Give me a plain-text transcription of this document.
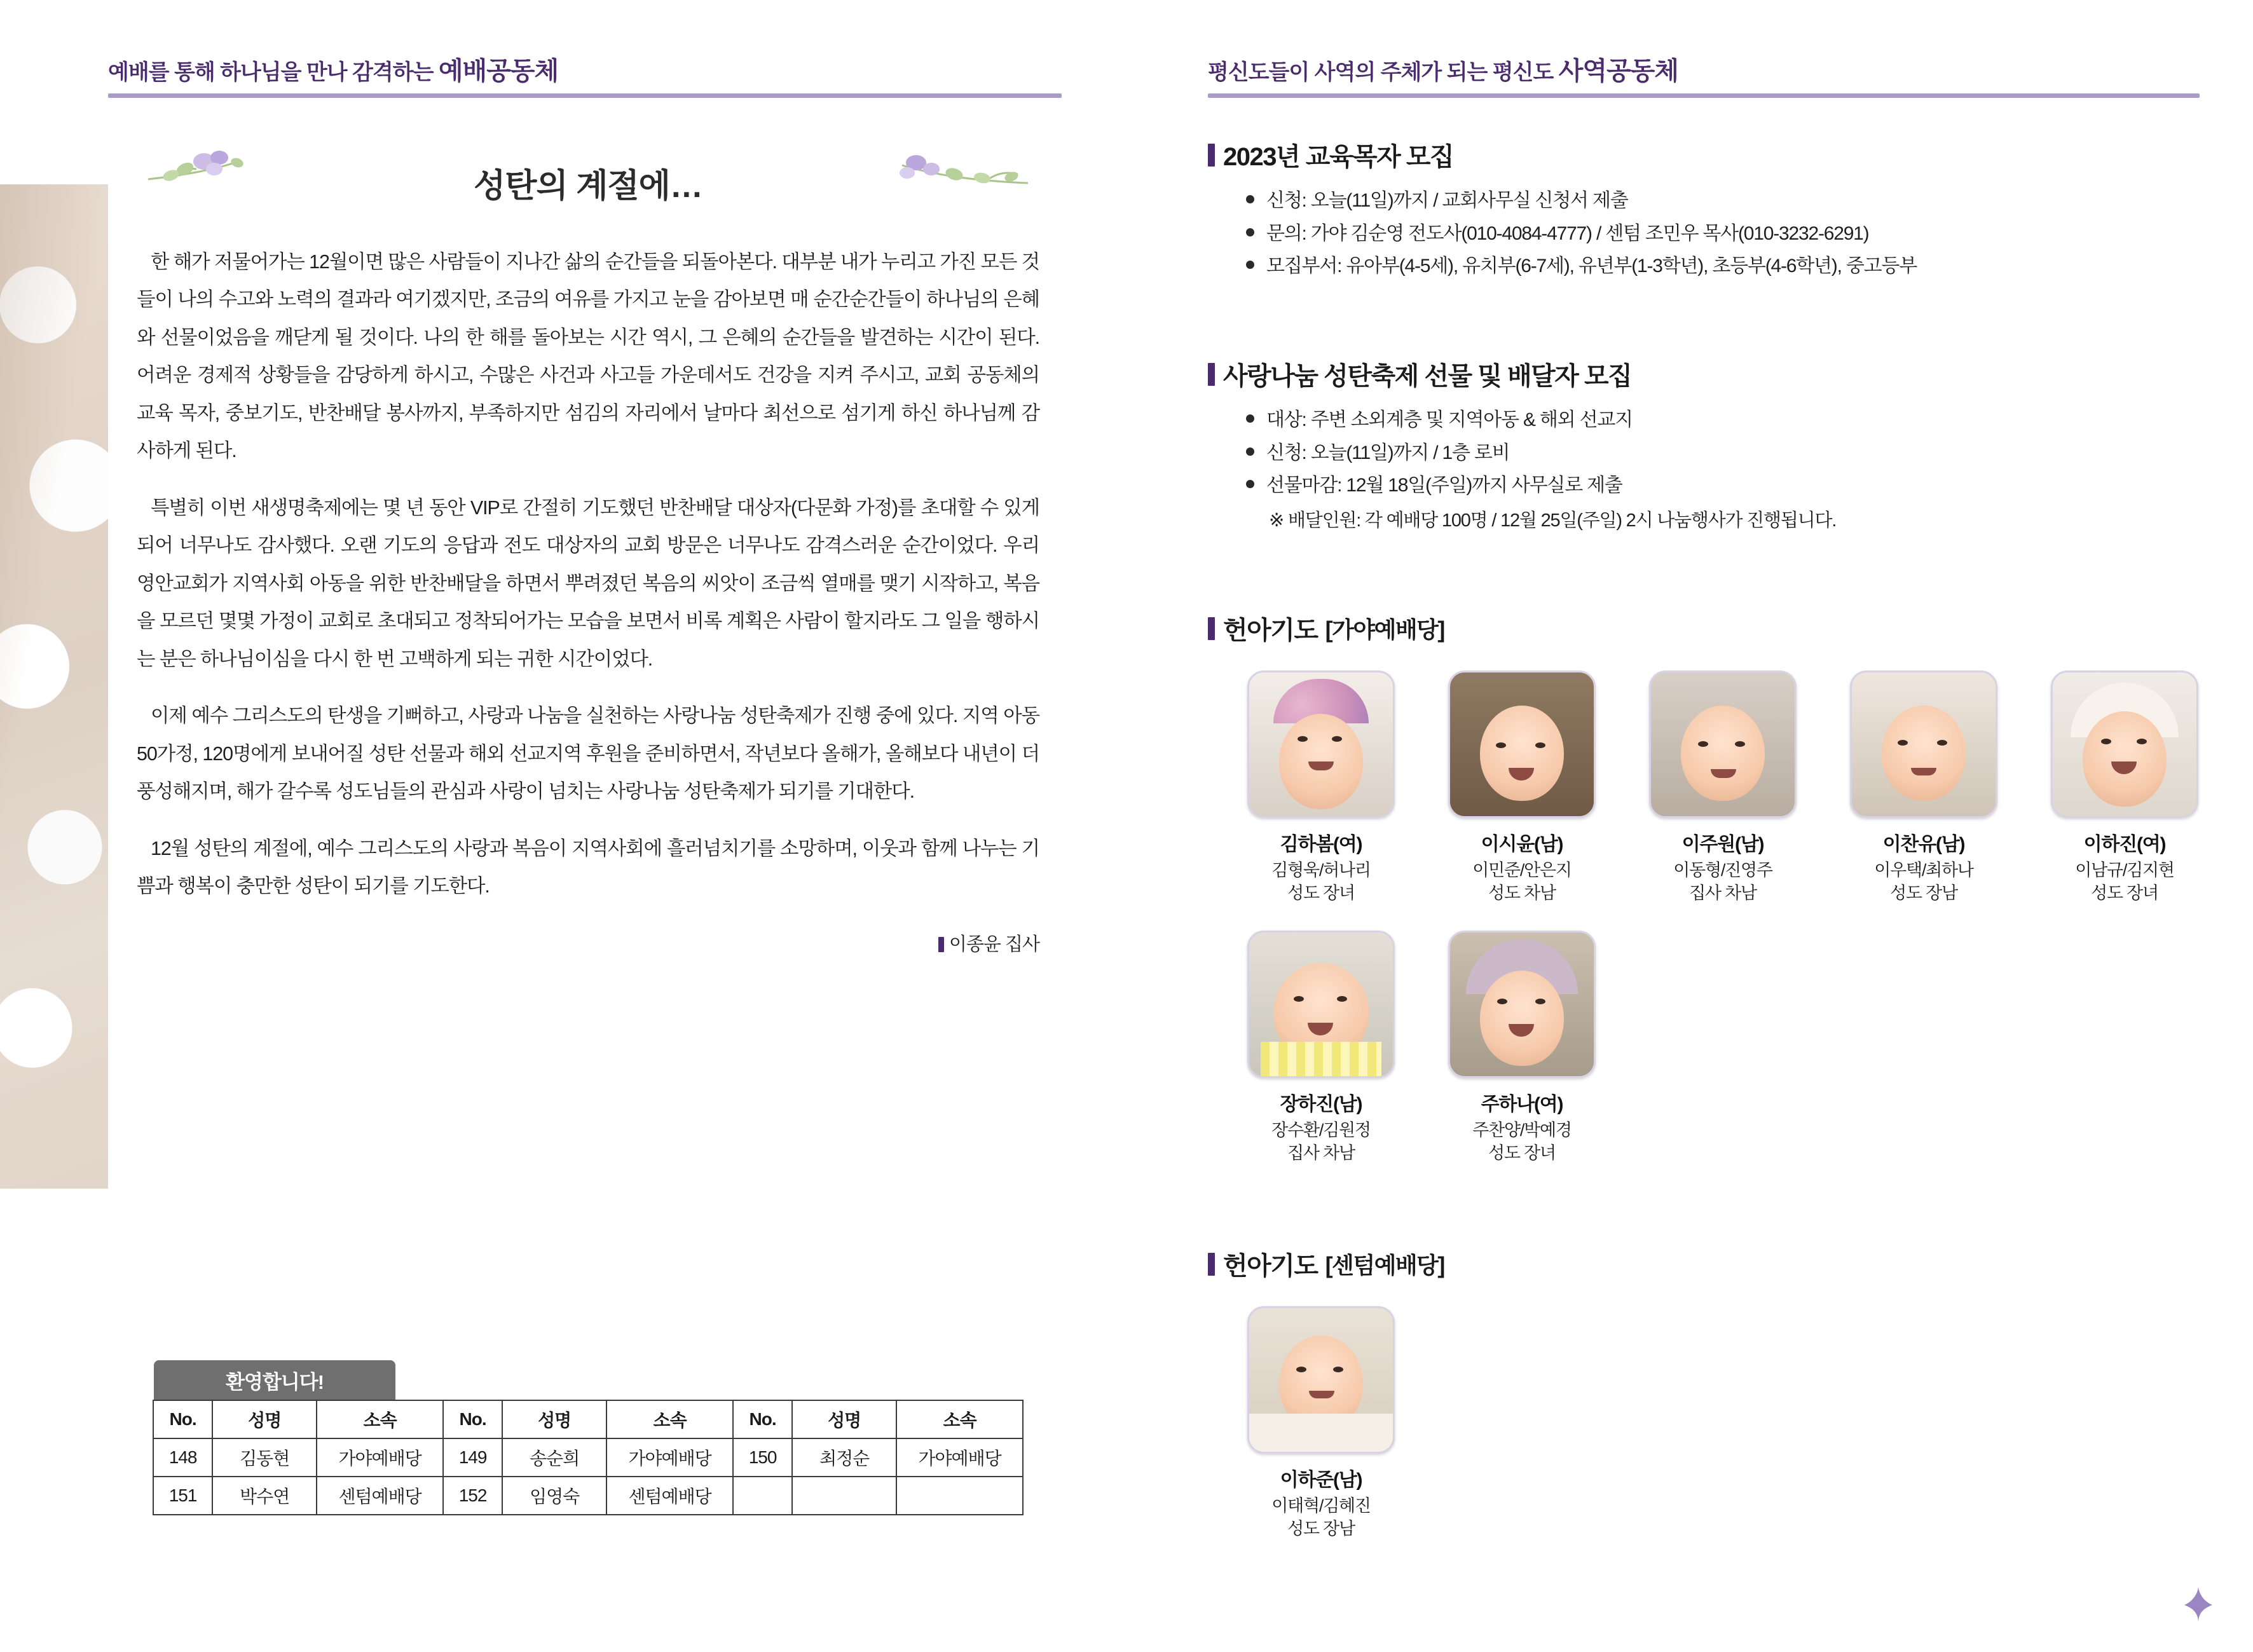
예배를 통해 하나님을 만나 감격하는 예배공동체
성탄의 계절에…
한 해가 저물어가는 12월이면 많은 사람들이 지나간 삶의 순간들을 되돌아본다. 대부분 내가 누리고 가진 모든 것들이 나의 수고와 노력의 결과라 여기겠지만, 조금의 여유를 가지고 눈을 감아보면 매 순간순간들이 하나님의 은혜와 선물이었음을 깨닫게 될 것이다. 나의 한 해를 돌아보는 시간 역시, 그 은혜의 순간들을 발견하는 시간이 된다. 어려운 경제적 상황들을 감당하게 하시고, 수많은 사건과 사고들 가운데서도 건강을 지켜 주시고, 교회 공동체의 교육 목자, 중보기도, 반찬배달 봉사까지, 부족하지만 섬김의 자리에서 날마다 최선으로 섬기게 하신 하나님께 감사하게 된다.
특별히 이번 새생명축제에는 몇 년 동안 VIP로 간절히 기도했던 반찬배달 대상자(다문화 가정)를 초대할 수 있게 되어 너무나도 감사했다. 오랜 기도의 응답과 전도 대상자의 교회 방문은 너무나도 감격스러운 순간이었다. 우리 영안교회가 지역사회 아동을 위한 반찬배달을 하면서 뿌려졌던 복음의 씨앗이 조금씩 열매를 맺기 시작하고, 복음을 모르던 몇몇 가정이 교회로 초대되고 정착되어가는 모습을 보면서 비록 계획은 사람이 할지라도 그 일을 행하시는 분은 하나님이심을 다시 한 번 고백하게 되는 귀한 시간이었다.
이제 예수 그리스도의 탄생을 기뻐하고, 사랑과 나눔을 실천하는 사랑나눔 성탄축제가 진행 중에 있다. 지역 아동 50가정, 120명에게 보내어질 성탄 선물과 해외 선교지역 후원을 준비하면서, 작년보다 올해가, 올해보다 내년이 더 풍성해지며, 해가 갈수록 성도님들의 관심과 사랑이 넘치는 사랑나눔 성탄축제가 되기를 기대한다.
12월 성탄의 계절에, 예수 그리스도의 사랑과 복음이 지역사회에 흘러넘치기를 소망하며, 이웃과 함께 나누는 기쁨과 행복이 충만한 성탄이 되기를 기도한다.
이종윤 집사
환영합니다!
No.	성명	소속	No.	성명	소속	No.	성명	소속
148	김동현	가야예배당	149	송순희	가야예배당	150	최정순	가야예배당
151	박수연	센텀예배당	152	임영숙	센텀예배당			
평신도들이 사역의 주체가 되는 평신도 사역공동체
2023년 교육목자 모집
신청: 오늘(11일)까지 / 교회사무실 신청서 제출
문의: 가야 김순영 전도사(010-4084-4777) / 센텀 조민우 목사(010-3232-6291)
모집부서: 유아부(4-5세), 유치부(6-7세), 유년부(1-3학년), 초등부(4-6학년), 중고등부
사랑나눔 성탄축제 선물 및 배달자 모집
대상: 주변 소외계층 및 지역아동 & 해외 선교지
신청: 오늘(11일)까지 / 1층 로비
선물마감: 12월 18일(주일)까지 사무실로 제출
※ 배달인원: 각 예배당 100명 / 12월 25일(주일) 2시 나눔행사가 진행됩니다.
헌아기도 [가야예배당]
김하봄(여)
김형욱/허나리
성도 장녀
이시윤(남)
이민준/안은지
성도 차남
이주원(남)
이동형/진영주
집사 차남
이찬유(남)
이우택/최하나
성도 장남
이하진(여)
이남규/김지현
성도 장녀
장하진(남)
장수환/김원정
집사 차남
주하나(여)
주찬양/박예경
성도 장녀
헌아기도 [센텀예배당]
이하준(남)
이태혁/김혜진
성도 장남
